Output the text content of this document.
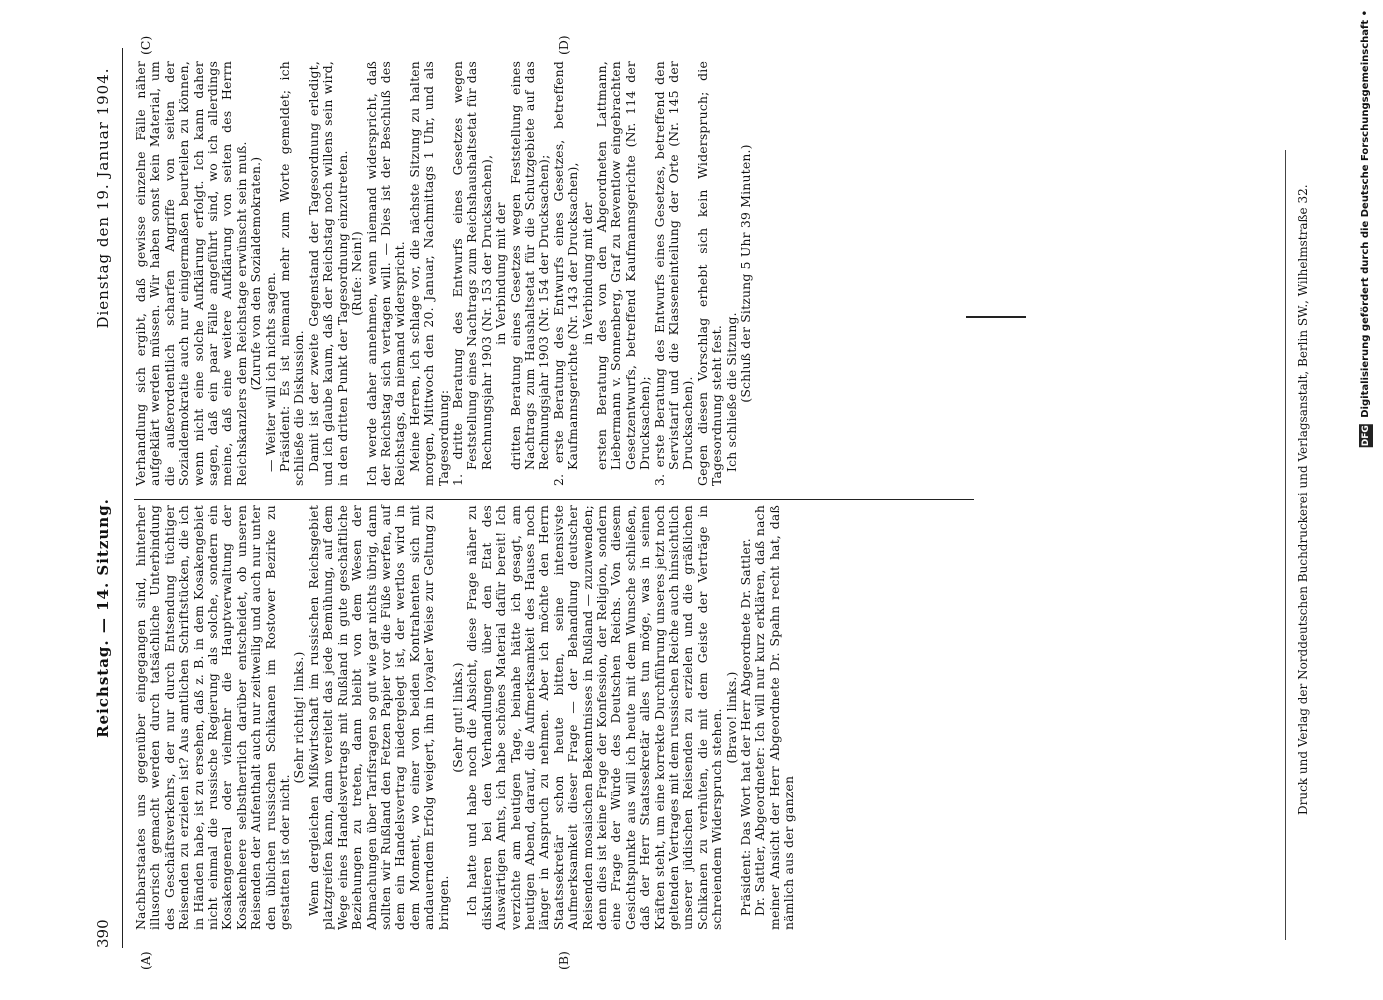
390
Reichstag. — 14. Sitzung.
Dienstag den 19. Januar 1904.
(A)	(B)
(C)	(D)

Nachbarstaates uns gegenüber eingegangen sind, hinterher illusorisch gemacht werden durch tatsächliche Unterbindung des Geschäftsverkehrs, der nur durch Entsendung tüchtiger Reisenden zu erzielen ist? Aus amtlichen Schriftstücken, die ich in Händen habe, ist zu ersehen, daß z. B. in dem Kosakengebiet nicht einmal die russische Regierung als solche, sondern ein Kosakengeneral oder vielmehr die Hauptverwaltung der Kosakenheere selbstherrlich darüber entscheidet, ob unseren Reisenden der Aufenthalt auch nur zeitweilig und auch nur unter den üblichen russischen Schikanen im Rostower Bezirke zu gestatten ist oder nicht.

(Sehr richtig! links.) Wenn dergleichen Mißwirtschaft im russischen Reichsgebiet platzgreifen kann, dann vereitelt das jede Bemühung, auf dem Wege eines Handelsvertrags mit Rußland in gute geschäftliche Beziehungen zu treten, dann bleibt von dem Wesen der Abmachungen über Tarifsragen so gut wie gar nichts übrig, dann sollten wir Rußland den Fetzen Papier vor die Füße werfen, auf dem ein Handelsvertrag niedergelegt ist, der wertlos wird in dem Moment, wo einer von beiden Kontrahenten sich mit andauerndem Erfolg weigert, ihn in loyaler Weise zur Geltung zu bringen.

(Sehr gut! links.) Ich hatte und habe noch die Absicht, diese Frage näher zu diskutieren bei den Verhandlungen über den Etat des Auswärtigen Amts, ich habe schönes Material dafür bereit! Ich verzichte am heutigen Tage, beinahe hätte ich gesagt, am heutigen Abend, darauf, die Aufmerksamkeit des Hauses noch länger in Anspruch zu nehmen. Aber ich möchte den Herrn Staatssekretär schon heute bitten, seine intensivste Aufmerksamkeit dieser Frage — der Behandlung deutscher Reisenden mosaischen Bekenntnisses in Rußland — zuzuwenden; denn dies ist keine Frage der Konfession, der Religion, sondern eine Frage der Würde des Deutschen Reichs. Von diesem Gesichtspunkte aus will ich heute mit dem Wunsche schließen, daß der Herr Staatssekretär alles tun möge, was in seinen Kräften steht, um eine korrekte Durchführung unseres jetzt noch geltenden Vertrages mit dem russischen Reiche auch hinsichtlich unserer jüdischen Reisenden zu erzielen und die gräßlichen Schikanen zu verhüten, die mit dem Geiste der Verträge in schreiendem Widerspruch stehen. (Bravo! links.) Präsident: Das Wort hat der Herr Abgeordnete Dr. Sattler. Dr. Sattler, Abgeordneter: Ich will nur kurz erklären, daß nach meiner Ansicht der Herr Abgeordnete Dr. Spahn recht hat, daß nämlich aus der ganzen

Verhandlung sich ergibt, daß gewisse einzelne Fälle näher aufgeklärt werden müssen. Wir haben sonst kein Material, um die außerordentlich scharfen Angriffe von seiten der Sozialdemokratie auch nur einigermaßen beurteilen zu können, wenn nicht eine solche Aufklärung erfolgt. Ich kann daher sagen, daß ein paar Fälle angeführt sind, wo ich allerdings meine, daß eine weitere Aufklärung von seiten des Herrn Reichskanzlers dem Reichstage erwünscht sein muß. (Zurufe von den Sozialdemokraten.) — Weiter will ich nichts sagen. Präsident: Es ist niemand mehr zum Worte gemeldet; ich schließe die Diskussion. Damit ist der zweite Gegenstand der Tagesordnung erledigt, und ich glaube kaum, daß der Reichstag noch willens sein wird, in den dritten Punkt der Tagesordnung einzutreten. (Rufe: Nein!) Ich werde daher annehmen, wenn niemand widerspricht, daß der Reichstag sich vertagen will. — Dies ist der Beschluß des Reichstags, da niemand widerspricht. Meine Herren, ich schlage vor, die nächste Sitzung zu halten morgen, Mittwoch den 20. Januar, Nachmittags 1 Uhr, und als Tagesordnung: 1. dritte Beratung des Entwurfs eines Gesetzes wegen Feststellung eines Nachtrags zum Reichshaushaltsetat für das Rechnungsjahr 1903 (Nr. 153 der Drucksachen), in Verbindung mit der dritten Beratung eines Gesetzes wegen Feststellung eines Nachtrags zum Haushaltsetat für die Schutzgebiete auf das Rechnungsjahr 1903 (Nr. 154 der Drucksachen); 2. erste Beratung des Entwurfs eines Gesetzes, betreffend Kaufmannsgerichte (Nr. 143 der Drucksachen), in Verbindung mit der ersten Beratung des von den Abgeordneten Lattmann, Liebermann v. Sonnenberg, Graf zu Reventlow eingebrachten Gesetzentwurfs, betreffend Kaufmannsgerichte (Nr. 114 der Drucksachen); 3. erste Beratung des Entwurfs eines Gesetzes, betreffend den Servistarif und die Klasseneinteilung der Orte (Nr. 145 der Drucksachen). Gegen diesen Vorschlag erhebt sich kein Widerspruch; die Tagesordnung steht fest. Ich schließe die Sitzung. (Schluß der Sitzung 5 Uhr 39 Minuten.)	Druck und Verlag der Norddeutschen Buchdruckerei und Verlagsanstalt, Berlin SW., Wilhelmstraße 32.	DFG Digitalisierung gefördert durch die Deutsche Forschungsgemeinschaft •
